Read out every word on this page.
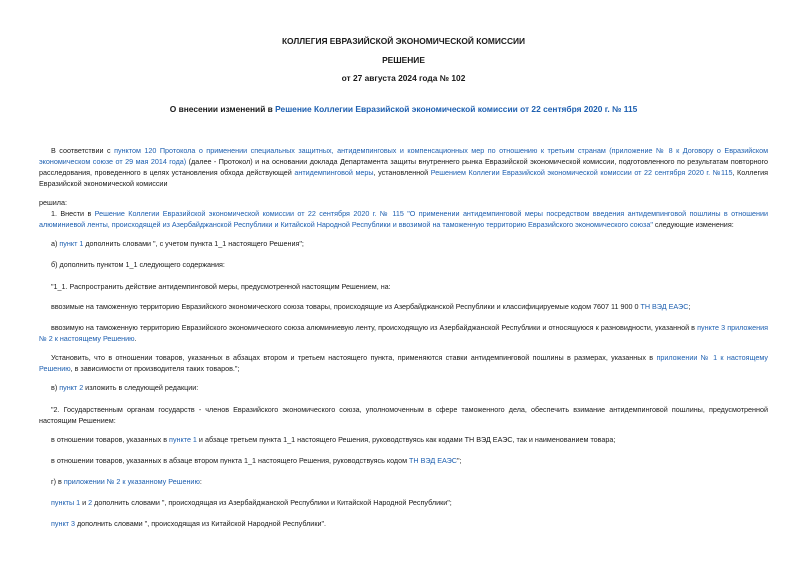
КОЛЛЕГИЯ ЕВРАЗИЙСКОЙ ЭКОНОМИЧЕСКОЙ КОМИССИИ
РЕШЕНИЕ
от 27 августа 2024 года № 102
О внесении изменений в Решение Коллегии Евразийской экономической комиссии от 22 сентября 2020 г. № 115

В соответствии с пунктом 120 Протокола о применении специальных защитных, антидемпинговых и компенсационных мер по отношению к третьим странам (приложение № 8 к Договору о Евразийском экономическом союзе от 29 мая 2014 года) (далее - Протокол) и на основании доклада Департамента защиты внутреннего рынка Евразийской экономической комиссии, подготовленного по результатам повторного расследования, проведенного в целях установления обхода действующей антидемпинговой меры, установленной Решением Коллегии Евразийской экономической комиссии от 22 сентября 2020 г. №115, Коллегия Евразийской экономической комиссии

решила:

1. Внести в Решение Коллегии Евразийской экономической комиссии от 22 сентября 2020 г. № 115 "О применении антидемпинговой меры посредством введения антидемпинговой пошлины в отношении алюминиевой ленты, происходящей из Азербайджанской Республики и Китайской Народной Республики и ввозимой на таможенную территорию Евразийского экономического союза" следующие изменения:

а) пункт 1 дополнить словами ", с учетом пункта 1_1 настоящего Решения";

б) дополнить пунктом 1_1 следующего содержания:

"1_1. Распространить действие антидемпинговой меры, предусмотренной настоящим Решением, на:

ввозимые на таможенную территорию Евразийского экономического союза товары, происходящие из Азербайджанской Республики и классифицируемые кодом 7607 11 900 0 ТН ВЭД ЕАЭС;

ввозимую на таможенную территорию Евразийского экономического союза алюминиевую ленту, происходящую из Азербайджанской Республики и относящуюся к разновидности, указанной в пункте 3 приложения № 2 к настоящему Решению.

Установить, что в отношении товаров, указанных в абзацах втором и третьем настоящего пункта, применяются ставки антидемпинговой пошлины в размерах, указанных в приложении № 1 к настоящему Решению, в зависимости от производителя таких товаров.";

в) пункт 2 изложить в следующей редакции:

"2. Государственным органам государств - членов Евразийского экономического союза, уполномоченным в сфере таможенного дела, обеспечить взимание антидемпинговой пошлины, предусмотренной настоящим Решением:

в отношении товаров, указанных в пункте 1 и абзаце третьем пункта 1_1 настоящего Решения, руководствуясь как кодами ТН ВЭД ЕАЭС, так и наименованием товара;

в отношении товаров, указанных в абзаце втором пункта 1_1 настоящего Решения, руководствуясь кодом ТН ВЭД ЕАЭС";

г) в приложении № 2 к указанному Решению:

пункты 1 и 2 дополнить словами ", происходящая из Азербайджанской Республики и Китайской Народной Республики";

пункт 3 дополнить словами ", происходящая из Китайской Народной Республики".
